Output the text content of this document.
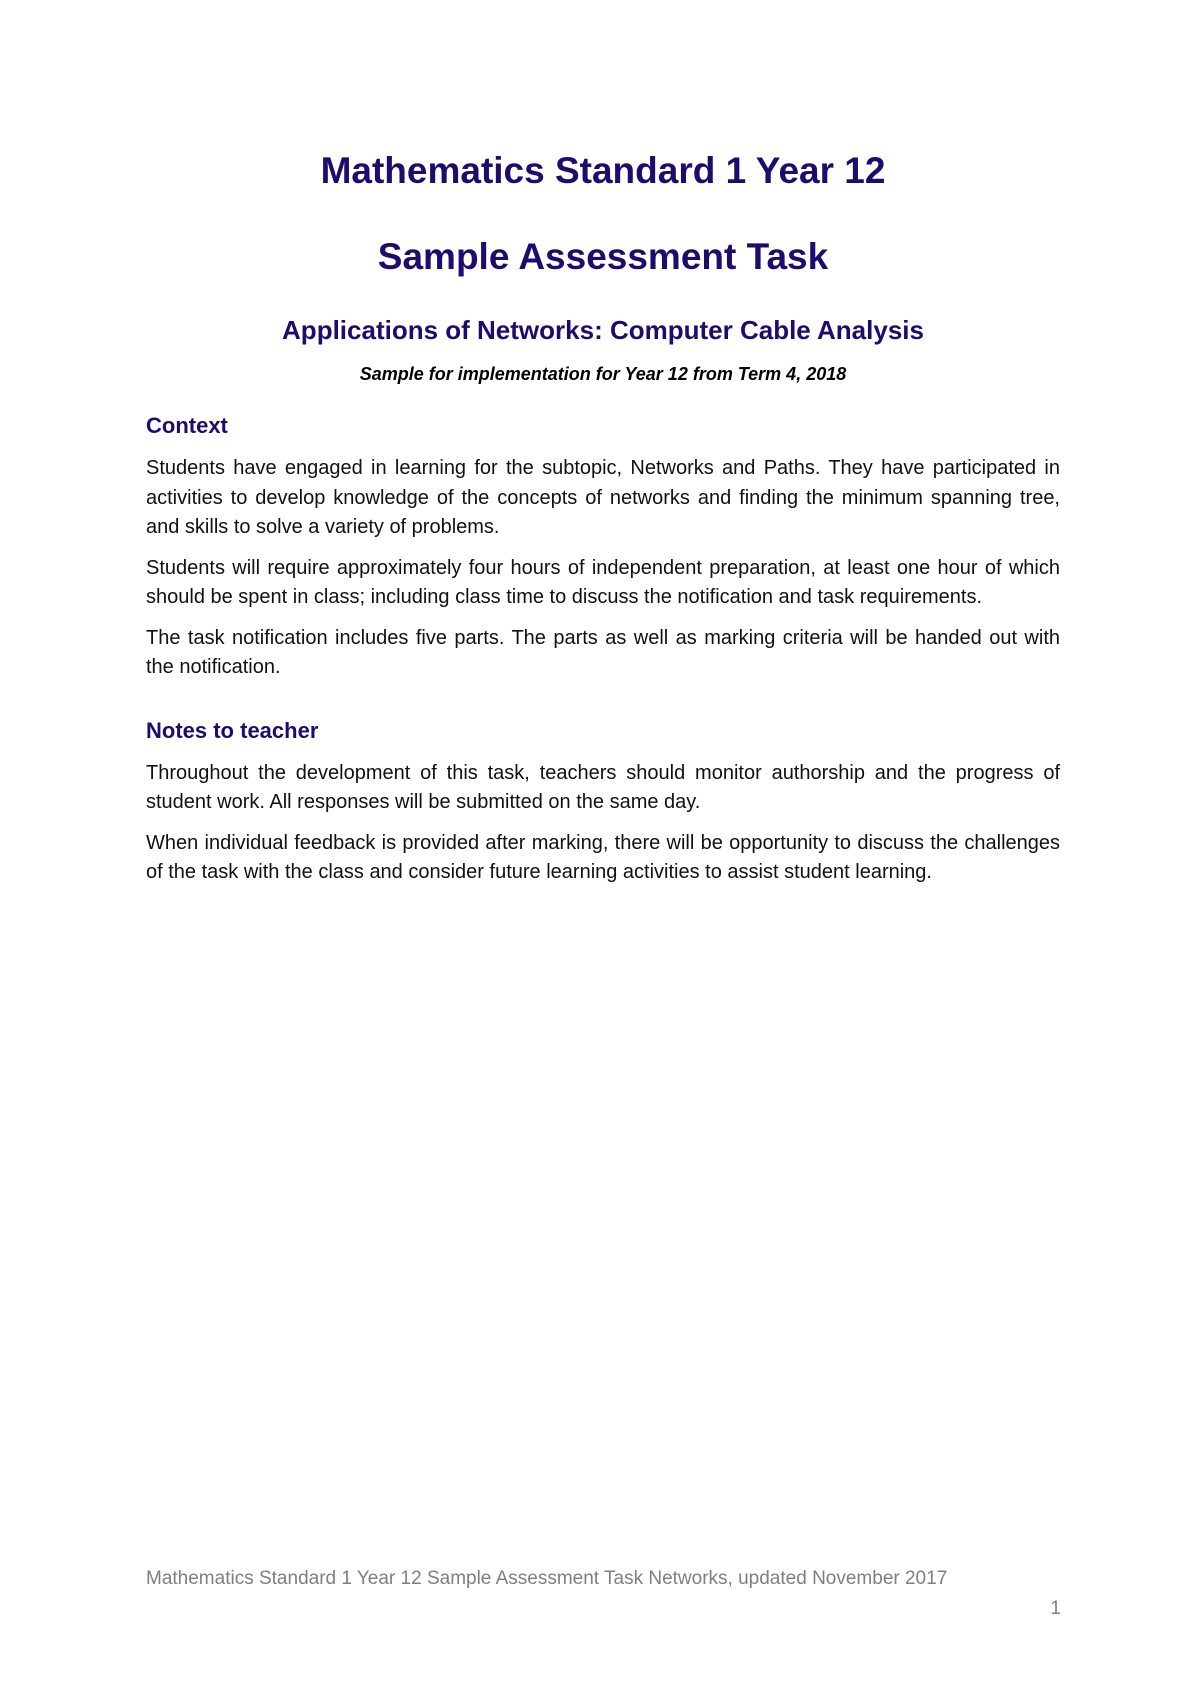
Mathematics Standard 1 Year 12
Sample Assessment Task
Applications of Networks: Computer Cable Analysis

Sample for implementation for Year 12 from Term 4, 2018

Context

Students have engaged in learning for the subtopic, Networks and Paths. They have participated in activities to develop knowledge of the concepts of networks and finding the minimum spanning tree, and skills to solve a variety of problems.

Students will require approximately four hours of independent preparation, at least one hour of which should be spent in class; including class time to discuss the notification and task requirements.

The task notification includes five parts. The parts as well as marking criteria will be handed out with the notification.

Notes to teacher

Throughout the development of this task, teachers should monitor authorship and the progress of student work. All responses will be submitted on the same day.

When individual feedback is provided after marking, there will be opportunity to discuss the challenges of the task with the class and consider future learning activities to assist student learning.

Mathematics Standard 1 Year 12 Sample Assessment Task Networks, updated November 2017

1
